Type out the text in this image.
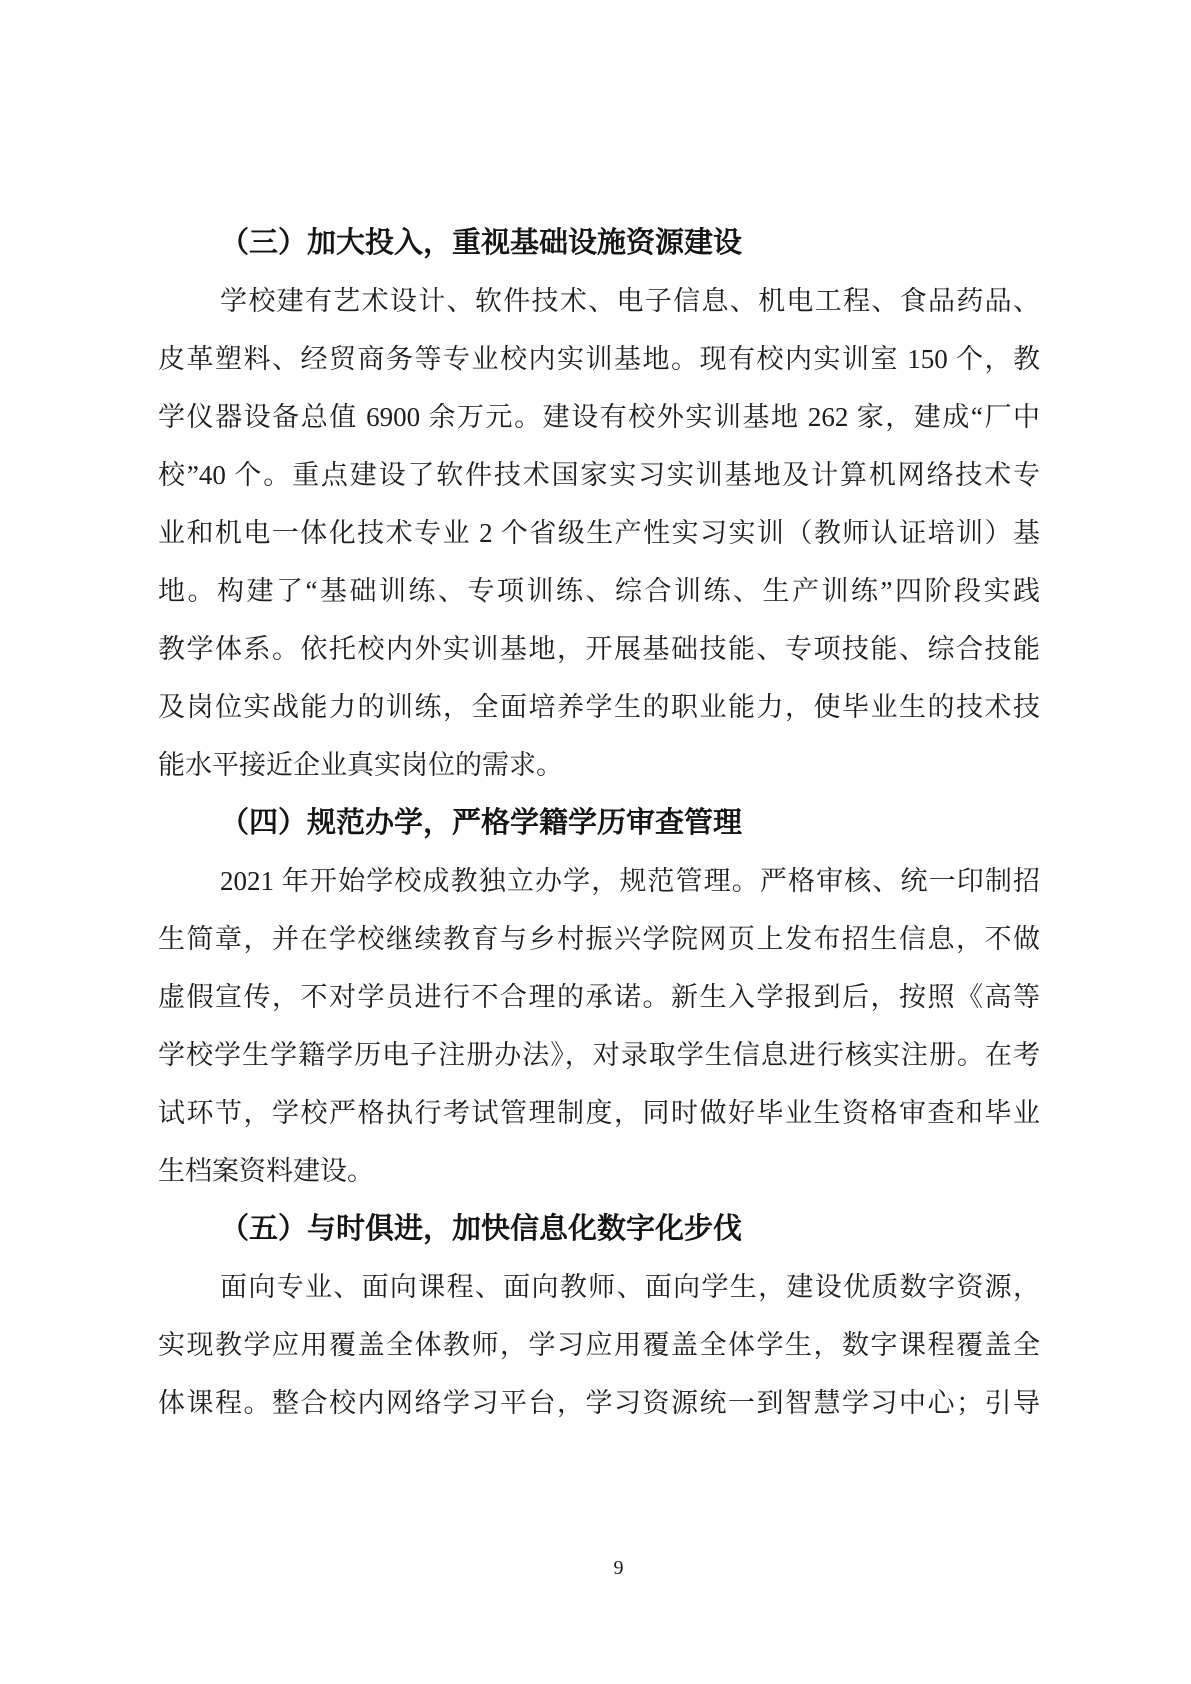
（三）加大投入，重视基础设施资源建设
学校建有艺术设计、软件技术、电子信息、机电工程、食品药品、
皮革塑料、经贸商务等专业校内实训基地。现有校内实训室 150 个，教
学仪器设备总值 6900 余万元。建设有校外实训基地 262 家，建成“厂中
校”40 个。重点建设了软件技术国家实习实训基地及计算机网络技术专
业和机电一体化技术专业 2 个省级生产性实习实训（教师认证培训）基
地。构建了“基础训练、专项训练、综合训练、生产训练”四阶段实践
教学体系。依托校内外实训基地，开展基础技能、专项技能、综合技能
及岗位实战能力的训练，全面培养学生的职业能力，使毕业生的技术技
能水平接近企业真实岗位的需求。
（四）规范办学，严格学籍学历审查管理
2021 年开始学校成教独立办学，规范管理。严格审核、统一印制招
生简章，并在学校继续教育与乡村振兴学院网页上发布招生信息，不做
虚假宣传，不对学员进行不合理的承诺。新生入学报到后，按照《高等
学校学生学籍学历电子注册办法》，对录取学生信息进行核实注册。在考
试环节，学校严格执行考试管理制度，同时做好毕业生资格审查和毕业
生档案资料建设。
（五）与时俱进，加快信息化数字化步伐
面向专业、面向课程、面向教师、面向学生，建设优质数字资源，
实现教学应用覆盖全体教师，学习应用覆盖全体学生，数字课程覆盖全
体课程。整合校内网络学习平台，学习资源统一到智慧学习中心；引导
9
